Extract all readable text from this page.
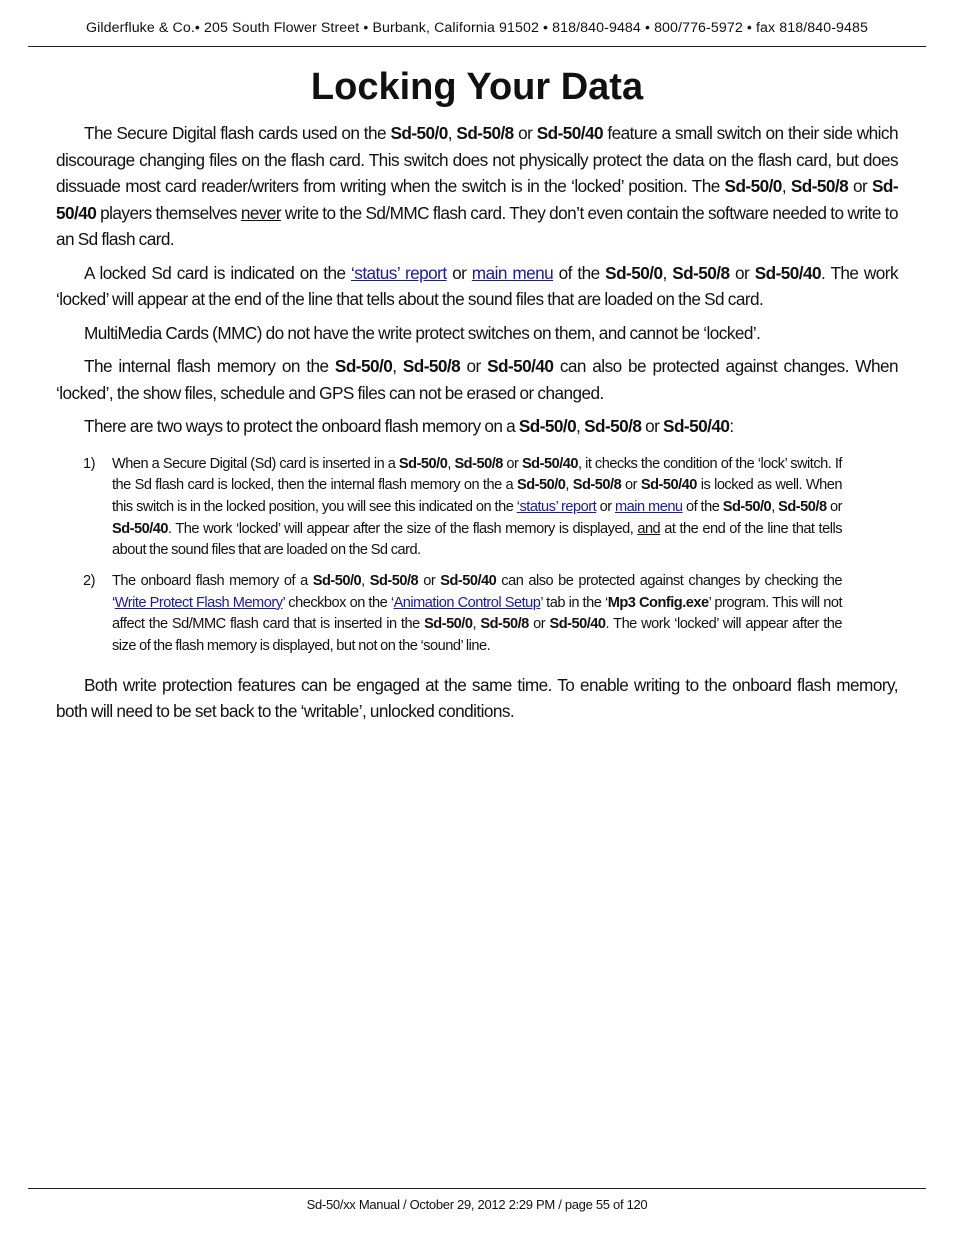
Gilderfluke & Co.• 205 South Flower Street • Burbank, California 91502 • 818/840-9484 • 800/776-5972 • fax 818/840-9485
Locking Your Data

The Secure Digital flash cards used on the Sd-50/0, Sd-50/8 or Sd-50/40 feature a small switch on their side which discourage changing files on the flash card. This switch does not physically protect the data on the flash card, but does dissuade most card reader/writers from writing when the switch is in the ‘locked’ position. The Sd-50/0, Sd-50/8 or Sd-50/40 players themselves never write to the Sd/MMC flash card. They don’t even contain the software needed to write to an Sd flash card.

A locked Sd card is indicated on the ‘status’ report or main menu of the Sd-50/0, Sd-50/8 or Sd-50/40. The work ‘locked’ will appear at the end of the line that tells about the sound files that are loaded on the Sd card.

MultiMedia Cards (MMC) do not have the write protect switches on them, and cannot be ‘locked’.

The internal flash memory on the Sd-50/0, Sd-50/8 or Sd-50/40 can also be protected against changes. When ‘locked’, the show files, schedule and GPS files can not be erased or changed.

There are two ways to protect the onboard flash memory on a Sd-50/0, Sd-50/8 or Sd-50/40:

1) When a Secure Digital (Sd) card is inserted in a Sd-50/0, Sd-50/8 or Sd-50/40, it checks the condition of the ‘lock’ switch. If the Sd flash card is locked, then the internal flash memory on the a Sd-50/0, Sd-50/8 or Sd-50/40 is locked as well. When this switch is in the locked position, you will see this indicated on the ‘status’ report or main menu of the Sd-50/0, Sd-50/8 or Sd-50/40. The work ‘locked’ will appear after the size of the flash memory is displayed, and at the end of the line that tells about the sound files that are loaded on the Sd card.
2) The onboard flash memory of a Sd-50/0, Sd-50/8 or Sd-50/40 can also be protected against changes by checking the ‘Write Protect Flash Memory’ checkbox on the ‘Animation Control Setup’ tab in the ‘Mp3 Config.exe’ program. This will not affect the Sd/MMC flash card that is inserted in the Sd-50/0, Sd-50/8 or Sd-50/40. The work ‘locked’ will appear after the size of the flash memory is displayed, but not on the ‘sound’ line.

Both write protection features can be engaged at the same time. To enable writing to the onboard flash memory, both will need to be set back to the ‘writable’, unlocked conditions.

Sd-50/xx Manual / October 29, 2012 2:29 PM / page 55 of 120
